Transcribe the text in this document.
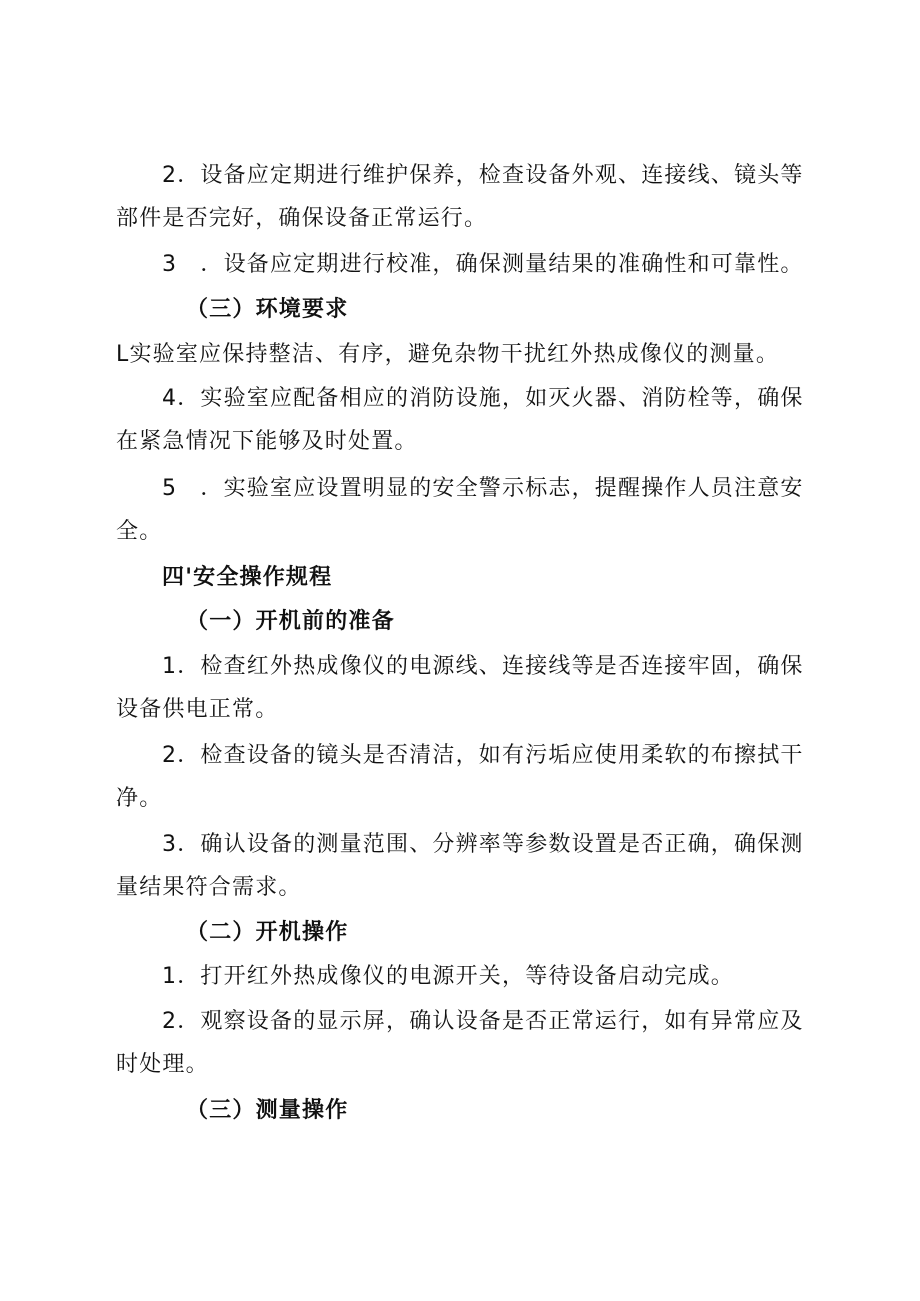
2．设备应定期进行维护保养，检查设备外观、连接线、镜头等

部件是否完好，确保设备正常运行。

3　．设备应定期进行校准，确保测量结果的准确性和可靠性。

（三）环境要求

L实验室应保持整洁、有序，避免杂物干扰红外热成像仪的测量。

4．实验室应配备相应的消防设施，如灭火器、消防栓等，确保

在紧急情况下能够及时处置。

5　．实验室应设置明显的安全警示标志，提醒操作人员注意安

全。

四'安全操作规程

（一）开机前的准备

1．检查红外热成像仪的电源线、连接线等是否连接牢固，确保

设备供电正常。

2．检查设备的镜头是否清洁，如有污垢应使用柔软的布擦拭干

净。

3．确认设备的测量范围、分辨率等参数设置是否正确，确保测

量结果符合需求。

（二）开机操作

1．打开红外热成像仪的电源开关，等待设备启动完成。

2．观察设备的显示屏，确认设备是否正常运行，如有异常应及

时处理。

（三）测量操作
